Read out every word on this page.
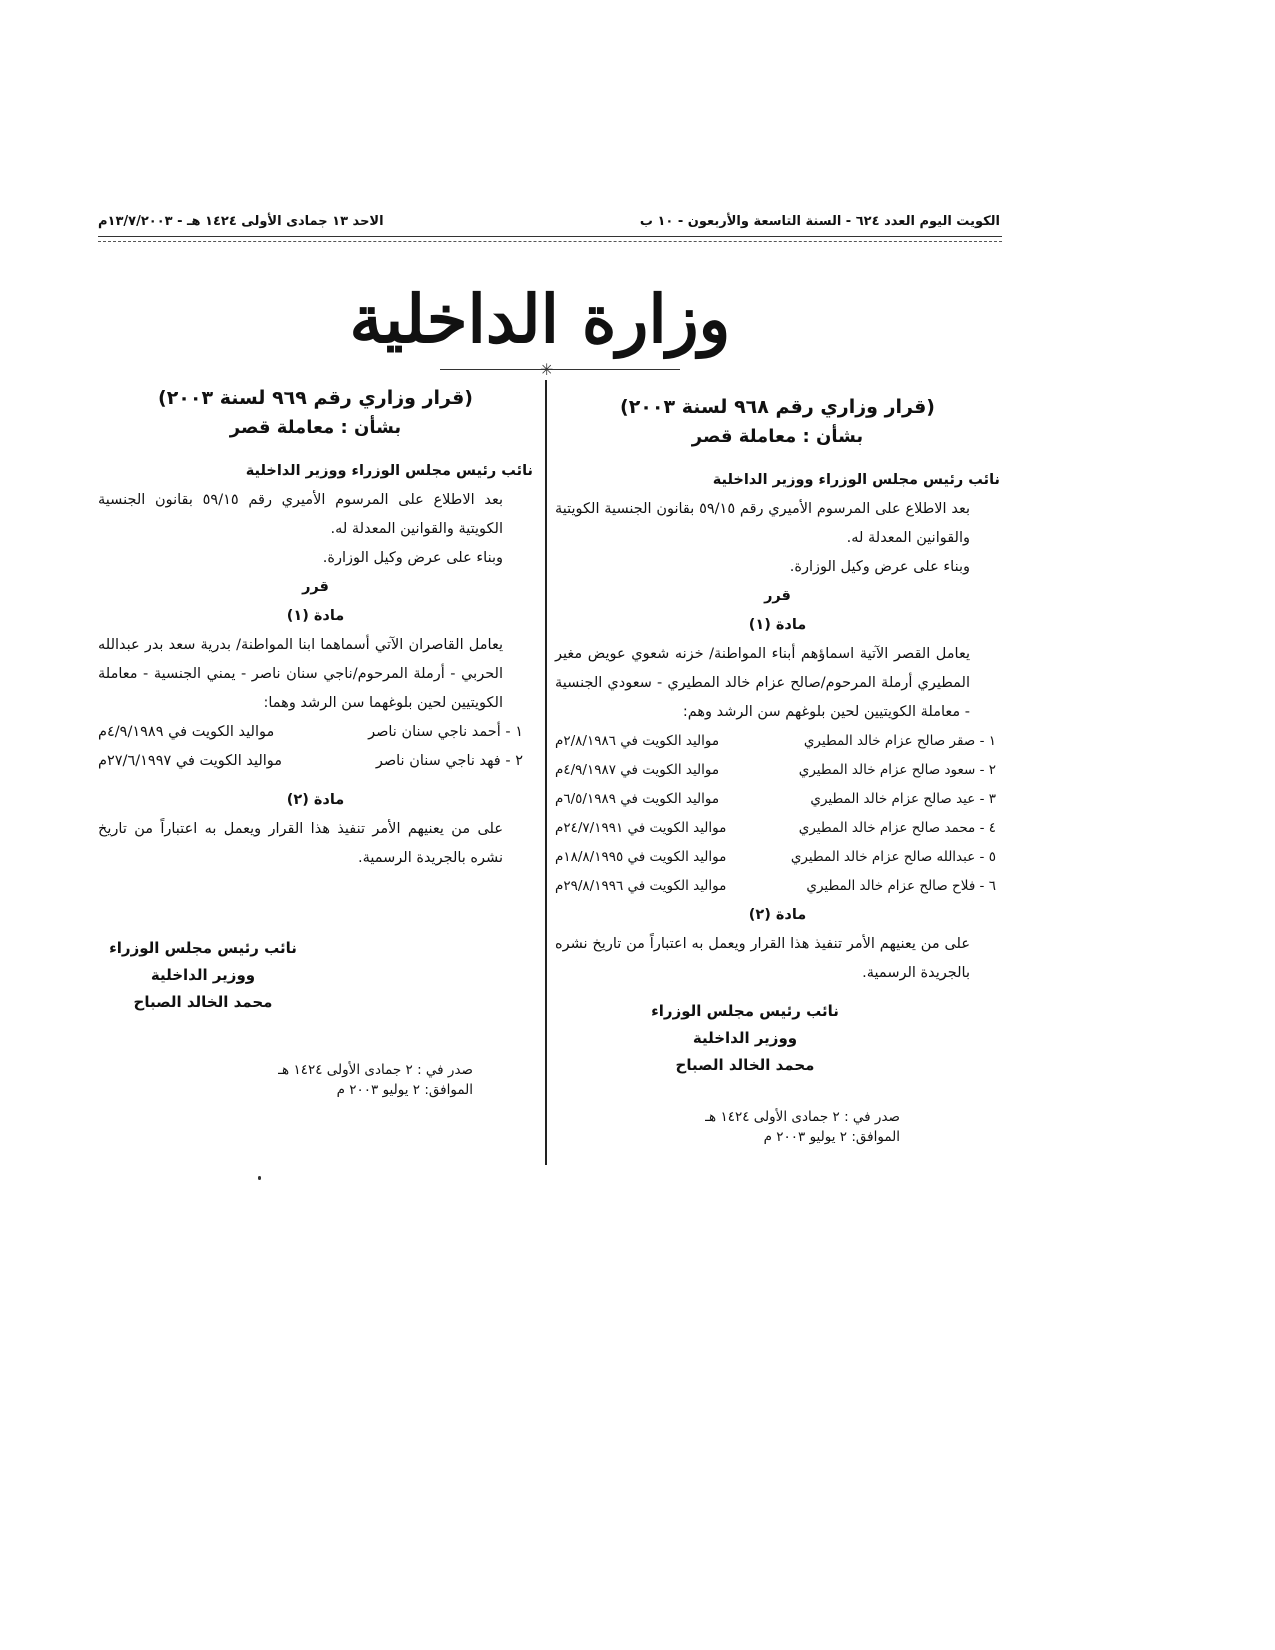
الكويت اليوم العدد ٦٢٤ - السنة التاسعة والأربعون - ١٠ ب
الاحد ١٣ جمادى الأولى ١٤٢٤ هـ - ١٣/٧/٢٠٠٣م
وزارة الداخلية
✳
(قرار وزاري رقم ٩٦٨ لسنة ٢٠٠٣)
بشأن : معاملة قصر
نائب رئيس مجلس الوزراء ووزير الداخلية
بعد الاطلاع على المرسوم الأميري رقم ٥٩/١٥ بقانون الجنسية الكويتية والقوانين المعدلة له.
وبناء على عرض وكيل الوزارة.
قرر
مادة (١)
يعامل القصر الآتية اسماؤهم أبناء المواطنة/ خزنه شعوي عويض مغير المطيري أرملة المرحوم/صالح عزام خالد المطيري - سعودي الجنسية - معاملة الكويتيين لحين بلوغهم سن الرشد وهم:
١ - صقر صالح عزام خالد المطيري
مواليد الكويت في ٢/٨/١٩٨٦م
٢ - سعود صالح عزام خالد المطيري
مواليد الكويت في ٤/٩/١٩٨٧م
٣ - عيد صالح عزام خالد المطيري
مواليد الكويت في ٦/٥/١٩٨٩م
٤ - محمد صالح عزام خالد المطيري
مواليد الكويت في ٢٤/٧/١٩٩١م
٥ - عبدالله صالح عزام خالد المطيري
مواليد الكويت في ١٨/٨/١٩٩٥م
٦ - فلاح صالح عزام خالد المطيري
مواليد الكويت في ٢٩/٨/١٩٩٦م
مادة (٢)
على من يعنيهم الأمر تنفيذ هذا القرار ويعمل به اعتباراً من تاريخ نشره بالجريدة الرسمية.
نائب رئيس مجلس الوزراء
ووزير الداخلية
محمد الخالد الصباح
صدر في : ٢ جمادى الأولى ١٤٢٤ هـ
الموافق: ٢ يوليو ٢٠٠٣ م
(قرار وزاري رقم ٩٦٩ لسنة ٢٠٠٣)
بشأن : معاملة قصر
نائب رئيس مجلس الوزراء ووزير الداخلية
بعد الاطلاع على المرسوم الأميري رقم ٥٩/١٥ بقانون الجنسية الكويتية والقوانين المعدلة له.
وبناء على عرض وكيل الوزارة.
قرر
مادة (١)
يعامل القاصران الآتي أسماهما ابنا المواطنة/ بدرية سعد بدر عبدالله الحربي - أرملة المرحوم/ناجي سنان ناصر - يمني الجنسية - معاملة الكويتيين لحين بلوغهما سن الرشد وهما:
١ - أحمد ناجي سنان ناصر
مواليد الكويت في ٤/٩/١٩٨٩م
٢ - فهد ناجي سنان ناصر
مواليد الكويت في ٢٧/٦/١٩٩٧م
مادة (٢)
على من يعنيهم الأمر تنفيذ هذا القرار ويعمل به اعتباراً من تاريخ نشره بالجريدة الرسمية.
نائب رئيس مجلس الوزراء
ووزير الداخلية
محمد الخالد الصباح
صدر في : ٢ جمادى الأولى ١٤٢٤ هـ
الموافق: ٢ يوليو ٢٠٠٣ م
